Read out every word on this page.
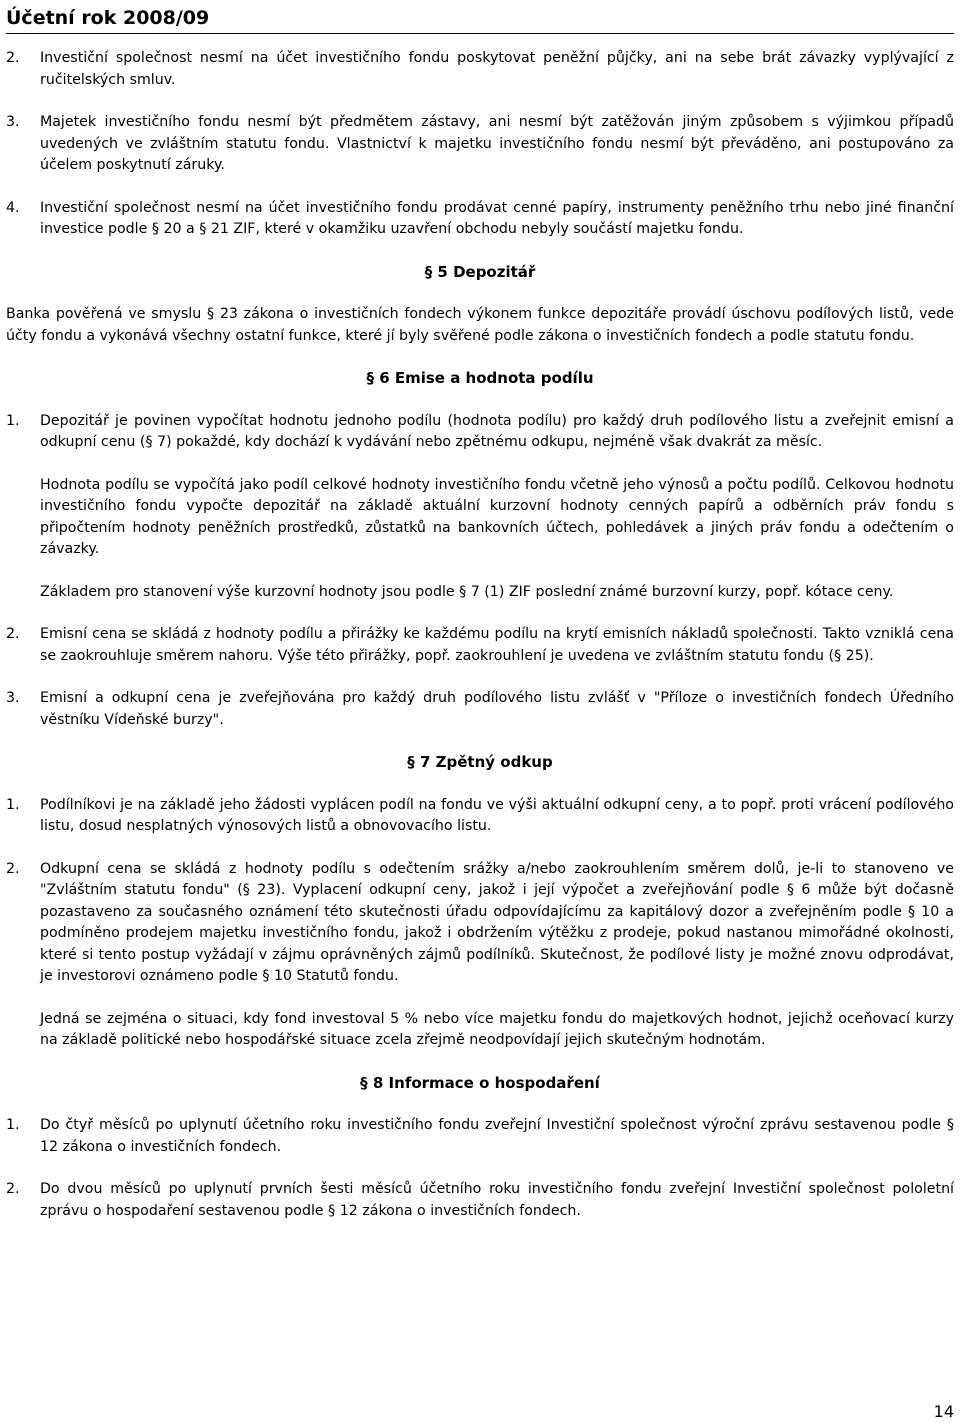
Účetní rok 2008/09
2.	Investiční společnost nesmí na účet investičního fondu poskytovat peněžní půjčky, ani na sebe brát závazky vyplývající z ručitelských smluv.
3.	Majetek investičního fondu nesmí být předmětem zástavy, ani nesmí být zatěžován jiným způsobem s výjimkou případů uvedených ve zvláštním statutu fondu. Vlastnictví k majetku investičního fondu nesmí být převáděno, ani postupováno za účelem poskytnutí záruky.
4.	Investiční společnost nesmí na účet investičního fondu prodávat cenné papíry, instrumenty peněžního trhu nebo jiné finanční investice podle § 20 a § 21 ZIF, které v okamžiku uzavření obchodu nebyly součástí majetku fondu.
§ 5 Depozitář
Banka pověřená ve smyslu § 23 zákona o investičních fondech výkonem funkce depozitáře provádí úschovu podílových listů, vede účty fondu a vykonává všechny ostatní funkce, které jí byly svěřené podle zákona o investičních fondech a podle statutu fondu.
§ 6 Emise a hodnota podílu
1.	Depozitář je povinen vypočítat hodnotu jednoho podílu (hodnota podílu) pro každý druh podílového listu a zveřejnit emisní a odkupní cenu (§ 7) pokaždé, kdy dochází k vydávání nebo zpětnému odkupu, nejméně však dvakrát za měsíc.
Hodnota podílu se vypočítá jako podíl celkové hodnoty investičního fondu včetně jeho výnosů a počtu podílů. Celkovou hodnotu investičního fondu vypočte depozitář na základě aktuální kurzovní hodnoty cenných papírů a odběrních práv fondu s připočtením hodnoty peněžních prostředků, zůstatků na bankovních účtech, pohledávek a jiných práv fondu a odečtením o závazky.
Základem pro stanovení výše kurzovní hodnoty jsou podle § 7 (1) ZIF poslední známé burzovní kurzy, popř. kótace ceny.
2.	Emisní cena se skládá z hodnoty podílu a přirážky ke každému podílu na krytí emisních nákladů společnosti. Takto vzniklá cena se zaokrouhluje směrem nahoru. Výše této přirážky, popř. zaokrouhlení je uvedena ve zvláštním statutu fondu (§ 25).
3.	Emisní a odkupní cena je zveřejňována pro každý druh podílového listu zvlášť v "Příloze o investičních fondech Úředního věstníku Vídeňské burzy".
§ 7 Zpětný odkup
1.	Podílníkovi je na základě jeho žádosti vyplácen podíl na fondu ve výši aktuální odkupní ceny, a to popř. proti vrácení podílového listu, dosud nesplatných výnosových listů a obnovovacího listu.
2.	Odkupní cena se skládá z hodnoty podílu s odečtením srážky a/nebo zaokrouhlením směrem dolů, je-li to stanoveno ve "Zvláštním statutu fondu" (§ 23). Vyplacení odkupní ceny, jakož i její výpočet a zveřejňování podle § 6 může být dočasně pozastaveno za současného oznámení této skutečnosti úřadu odpovídajícímu za kapitálový dozor a zveřejněním podle § 10 a podmíněno prodejem majetku investičního fondu, jakož i obdržením výtěžku z prodeje, pokud nastanou mimořádné okolnosti, které si tento postup vyžádají v zájmu oprávněných zájmů podílníků. Skutečnost, že podílové listy je možné znovu odprodávat, je investorovi oznámeno podle § 10 Statutů fondu.
Jedná se zejména o situaci, kdy fond investoval 5 % nebo více majetku fondu do majetkových hodnot, jejichž oceňovací kurzy na základě politické nebo hospodářské situace zcela zřejmě neodpovídají jejich skutečným hodnotám.
§ 8 Informace o hospodaření
1.	Do čtyř měsíců po uplynutí účetního roku investičního fondu zveřejní Investiční společnost výroční zprávu sestavenou podle § 12 zákona o investičních fondech.
2.	Do dvou měsíců po uplynutí prvních šesti měsíců účetního roku investičního fondu zveřejní Investiční společnost pololetní zprávu o hospodaření sestavenou podle § 12 zákona o investičních fondech.
14
